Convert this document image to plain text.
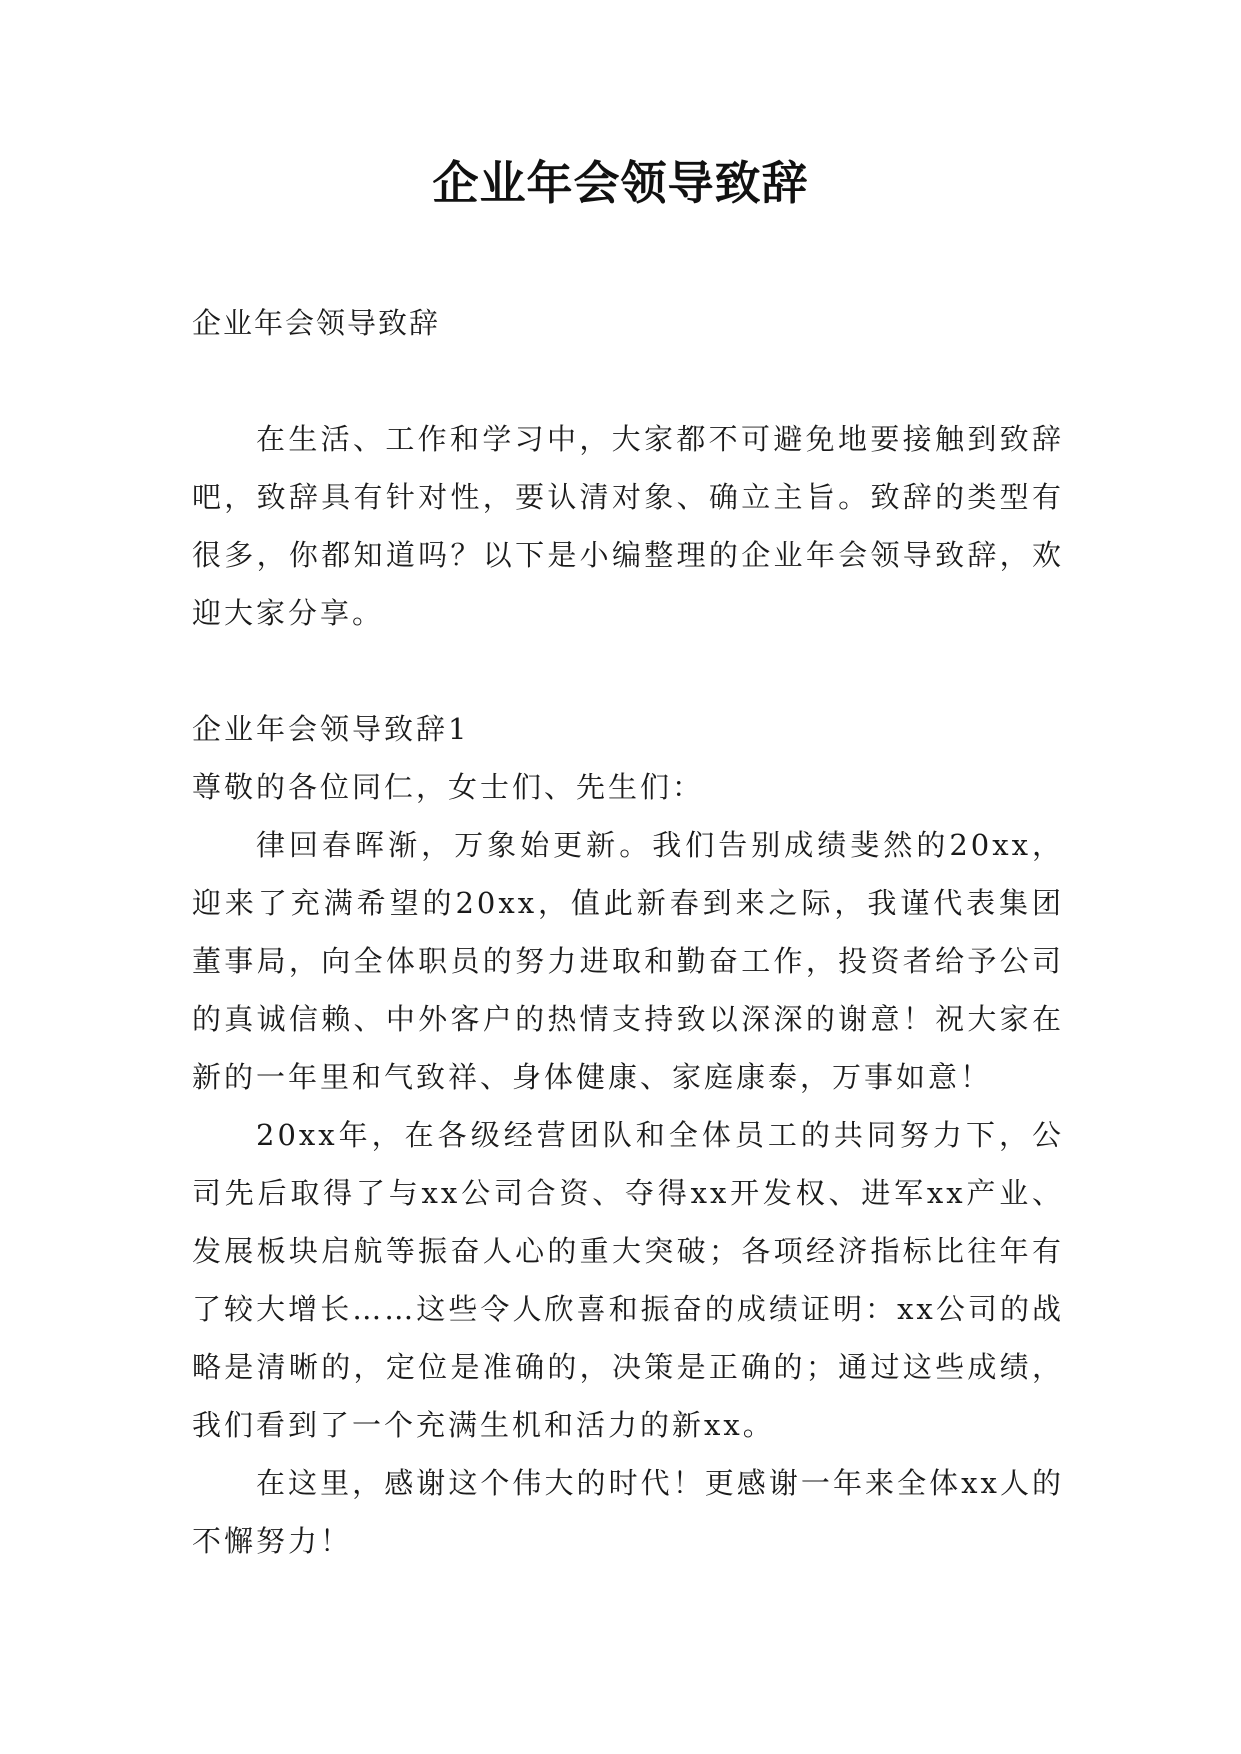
企业年会领导致辞

企业年会领导致辞

在生活、工作和学习中，大家都不可避免地要接触到致辞吧，致辞具有针对性，要认清对象、确立主旨。致辞的类型有很多，你都知道吗？以下是小编整理的企业年会领导致辞，欢迎大家分享。

企业年会领导致辞1

尊敬的各位同仁，女士们、先生们：

律回春晖渐，万象始更新。我们告别成绩斐然的20xx，迎来了充满希望的20xx，值此新春到来之际，我谨代表集团董事局，向全体职员的努力进取和勤奋工作，投资者给予公司的真诚信赖、中外客户的热情支持致以深深的谢意！祝大家在新的一年里和气致祥、身体健康、家庭康泰，万事如意！

20xx年，在各级经营团队和全体员工的共同努力下，公司先后取得了与xx公司合资、夺得xx开发权、进军xx产业、发展板块启航等振奋人心的重大突破；各项经济指标比往年有了较大增长……这些令人欣喜和振奋的成绩证明：xx公司的战略是清晰的，定位是准确的，决策是正确的；通过这些成绩，我们看到了一个充满生机和活力的新xx。

在这里，感谢这个伟大的时代！更感谢一年来全体xx人的不懈努力！
